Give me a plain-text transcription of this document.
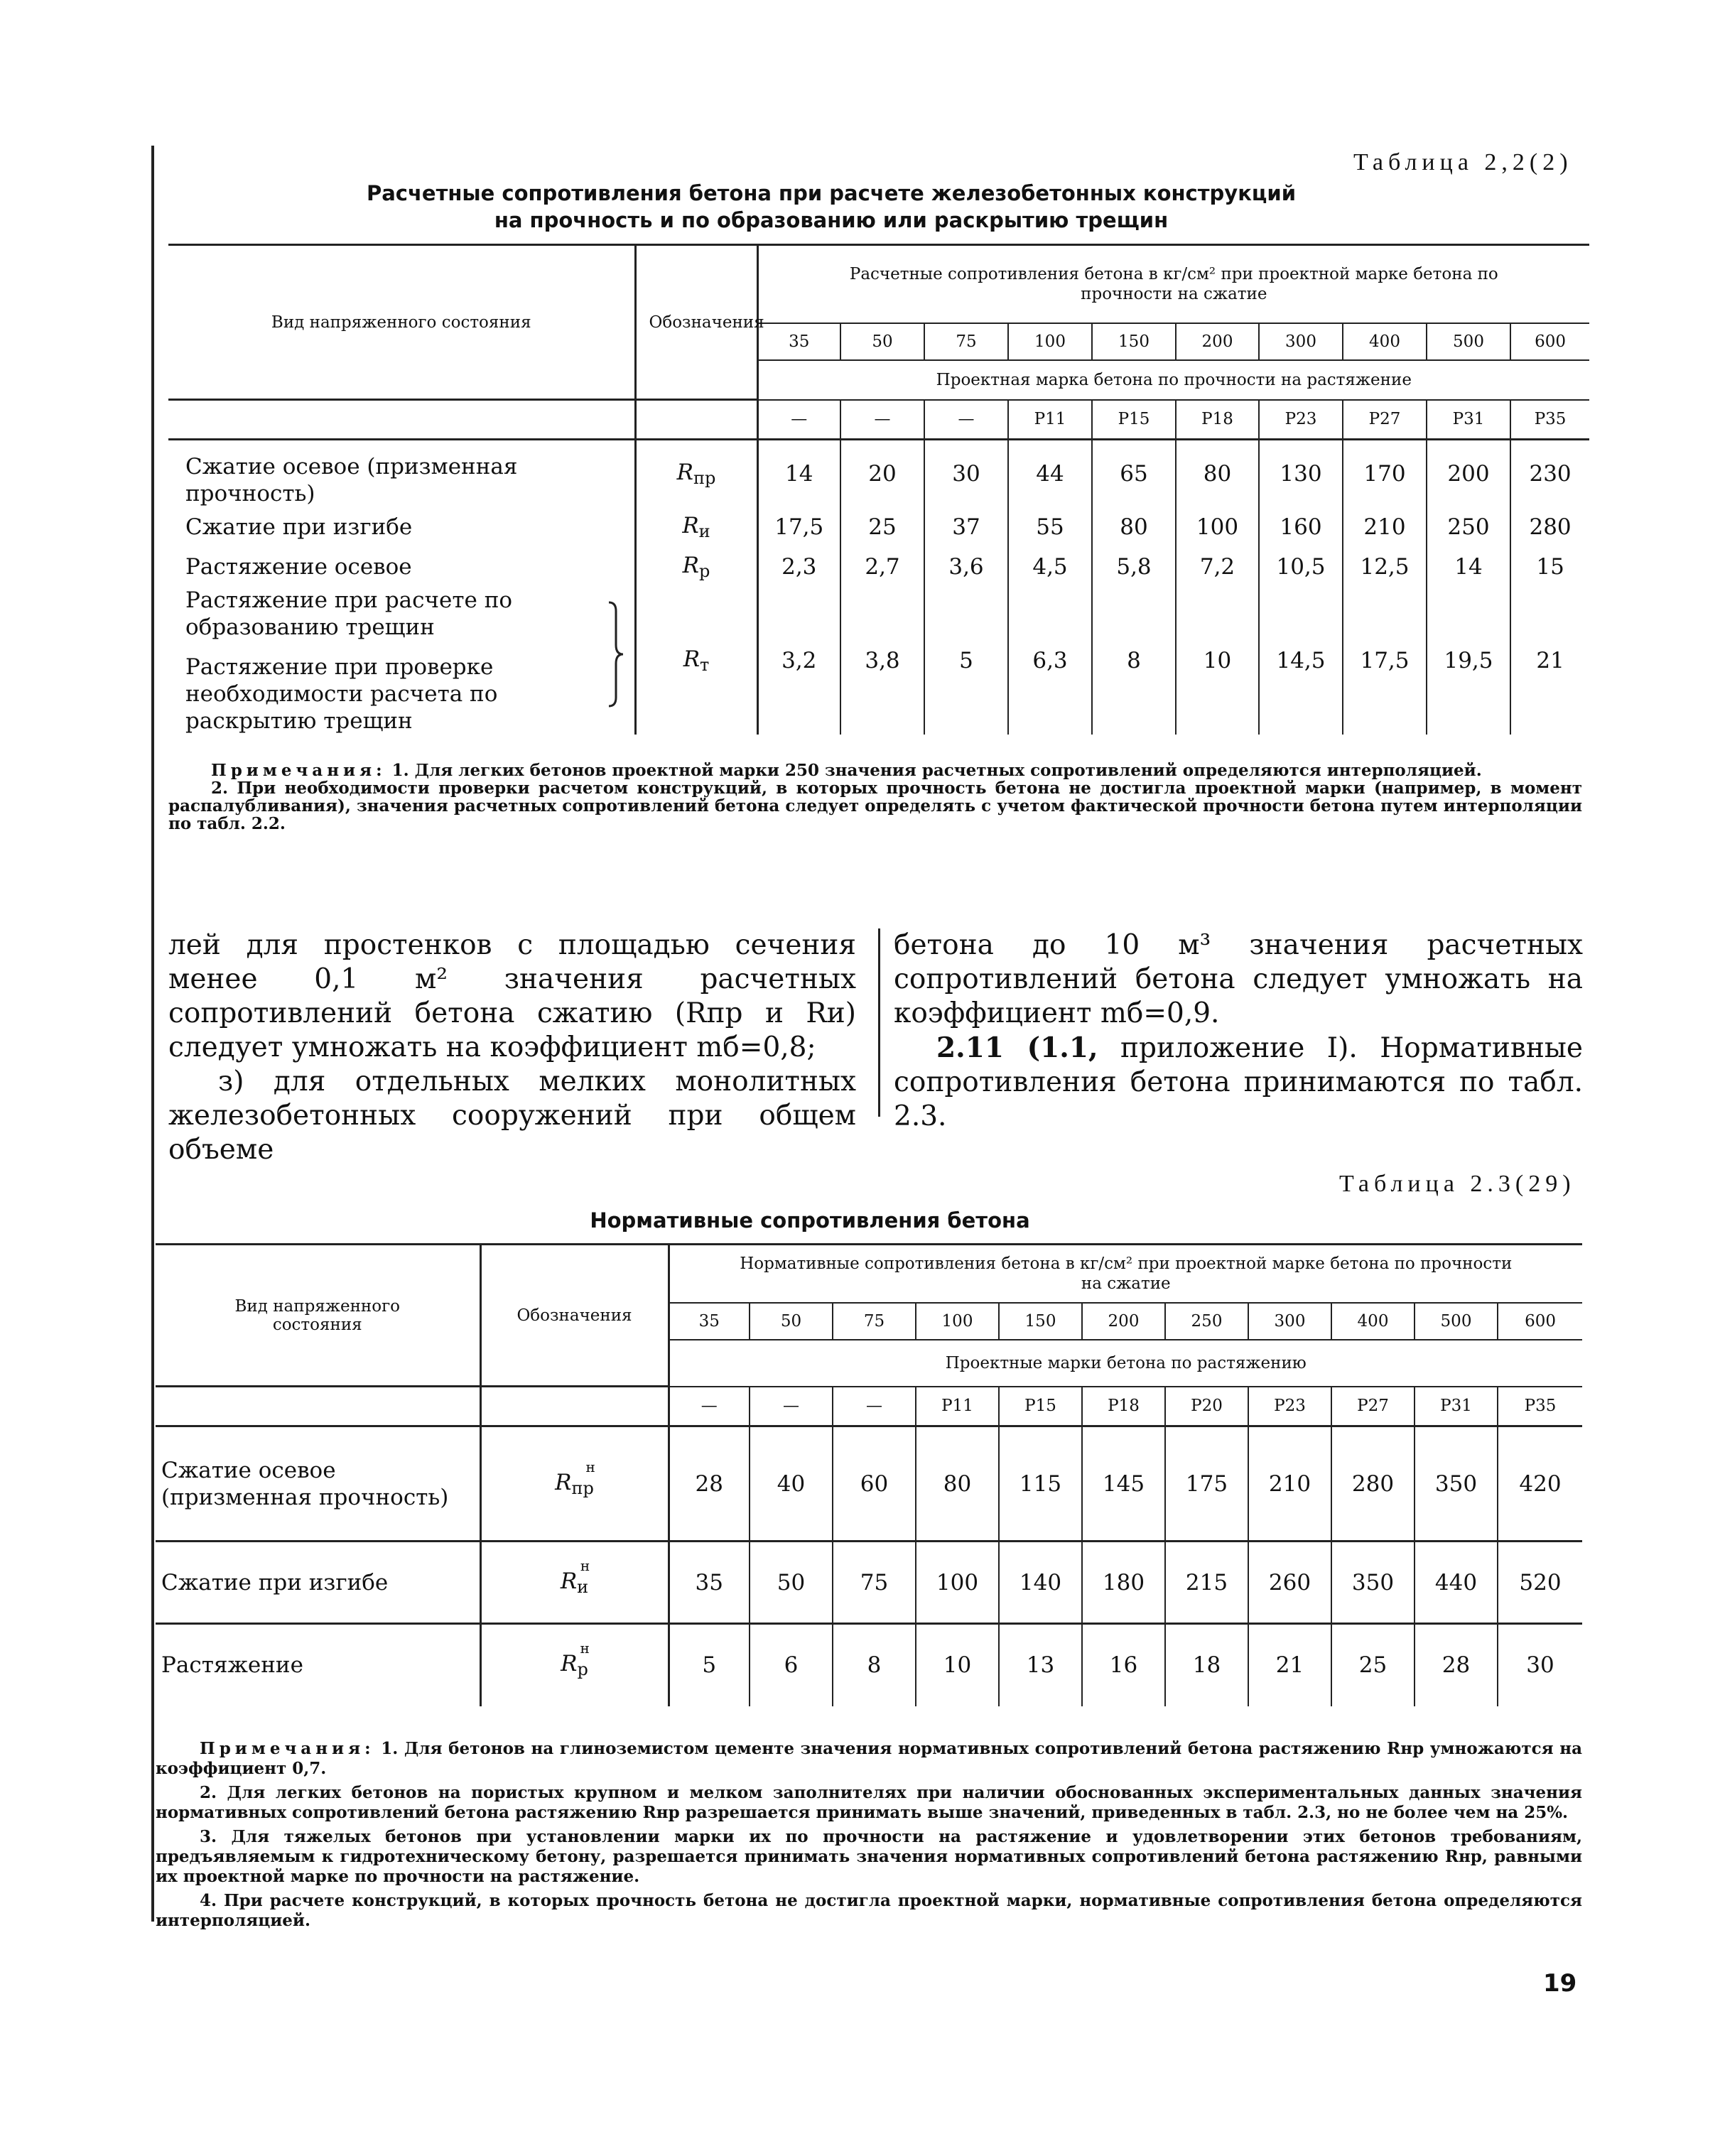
Таблица 2,2(2)
Расчетные сопротивления бетона при расчете железобетонных конструкций
на прочность и по образованию или раскрытию трещин
Вид напряженного состояния	Обозначения	Расчетные сопротивления бетона в кг/см² при проектной марке бетона по прочности на сжатие									
		35	50	75	100	150	200	300	400	500	600
		Проектная марка бетона по прочности на растяжение									
		—	—	—	Р11	Р15	Р18	Р23	Р27	Р31	Р35
Сжатие осевое (призменная прочность)	Rпр	14	20	30	44	65	80	130	170	200	230
Сжатие при изгибе	Rи	17,5	25	37	55	80	100	160	210	250	280
Растяжение осевое	Rр	2,3	2,7	3,6	4,5	5,8	7,2	10,5	12,5	14	15

Растяжение при расчете по образованию трещин
Растяжение при проверке необходимости расчета по раскрытию трещин	Rт	3,2	3,8	5	6,3	8	10	14,5	17,5	19,5	21
Примечания: 1. Для легких бетонов проектной марки 250 значения расчетных сопротивлений определяются интерполяцией.
2. При необходимости проверки расчетом конструкций, в которых прочность бетона не достигла проектной марки (например, в момент распалубливания), значения расчетных сопротивлений бетона следует определять с учетом фактической прочности бетона путем интерполяции по табл. 2.2.
лей для простенков с площадью сечения менее 0,1 м² значения расчетных сопротивлений бетона сжатию (Rпр и Rи) следует умножать на коэффициент mб=0,8;
з) для отдельных мелких монолитных железобетонных сооружений при общем объеме
бетона до 10 м³ значения расчетных сопротивлений бетона следует умножать на коэффициент mб=0,9.
2.11 (1.1, приложение I). Нормативные сопротивления бетона принимаются по табл. 2.3.
Таблица 2.3(29)
Нормативные сопротивления бетона
Вид напряженного состояния	Обозначения	Нормативные сопротивления бетона в кг/см² при проектной марке бетона по прочности на сжатие										
		35	50	75	100	150	200	250	300	400	500	600
		Проектные марки бетона по растяжению										
		—	—	—	Р11	Р15	Р18	Р20	Р23	Р27	Р31	Р35
Сжатие осевое (призменная прочность)	R
н
пр	28	40	60	80	115	145	175	210	280	350	420
Сжатие при изгибе	R
н
и	35	50	75	100	140	180	215	260	350	440	520
Растяжение	R
н
р	5	6	8	10	13	16	18	21	25	28	30
Примечания: 1. Для бетонов на глиноземистом цементе значения нормативных сопротивлений бетона растяжению Rнр умножаются на коэффициент 0,7.
2. Для легких бетонов на пористых крупном и мелком заполнителях при наличии обоснованных экспериментальных данных значения нормативных сопротивлений бетона растяжению Rнр разрешается принимать выше значений, приведенных в табл. 2.3, но не более чем на 25%.
3. Для тяжелых бетонов при установлении марки их по прочности на растяжение и удовлетворении этих бетонов требованиям, предъявляемым к гидротехническому бетону, разрешается принимать значения нормативных сопротивлений бетона растяжению Rнр, равными их проектной марке по прочности на растяжение.
4. При расчете конструкций, в которых прочность бетона не достигла проектной марки, нормативные сопротивления бетона определяются интерполяцией.
19
